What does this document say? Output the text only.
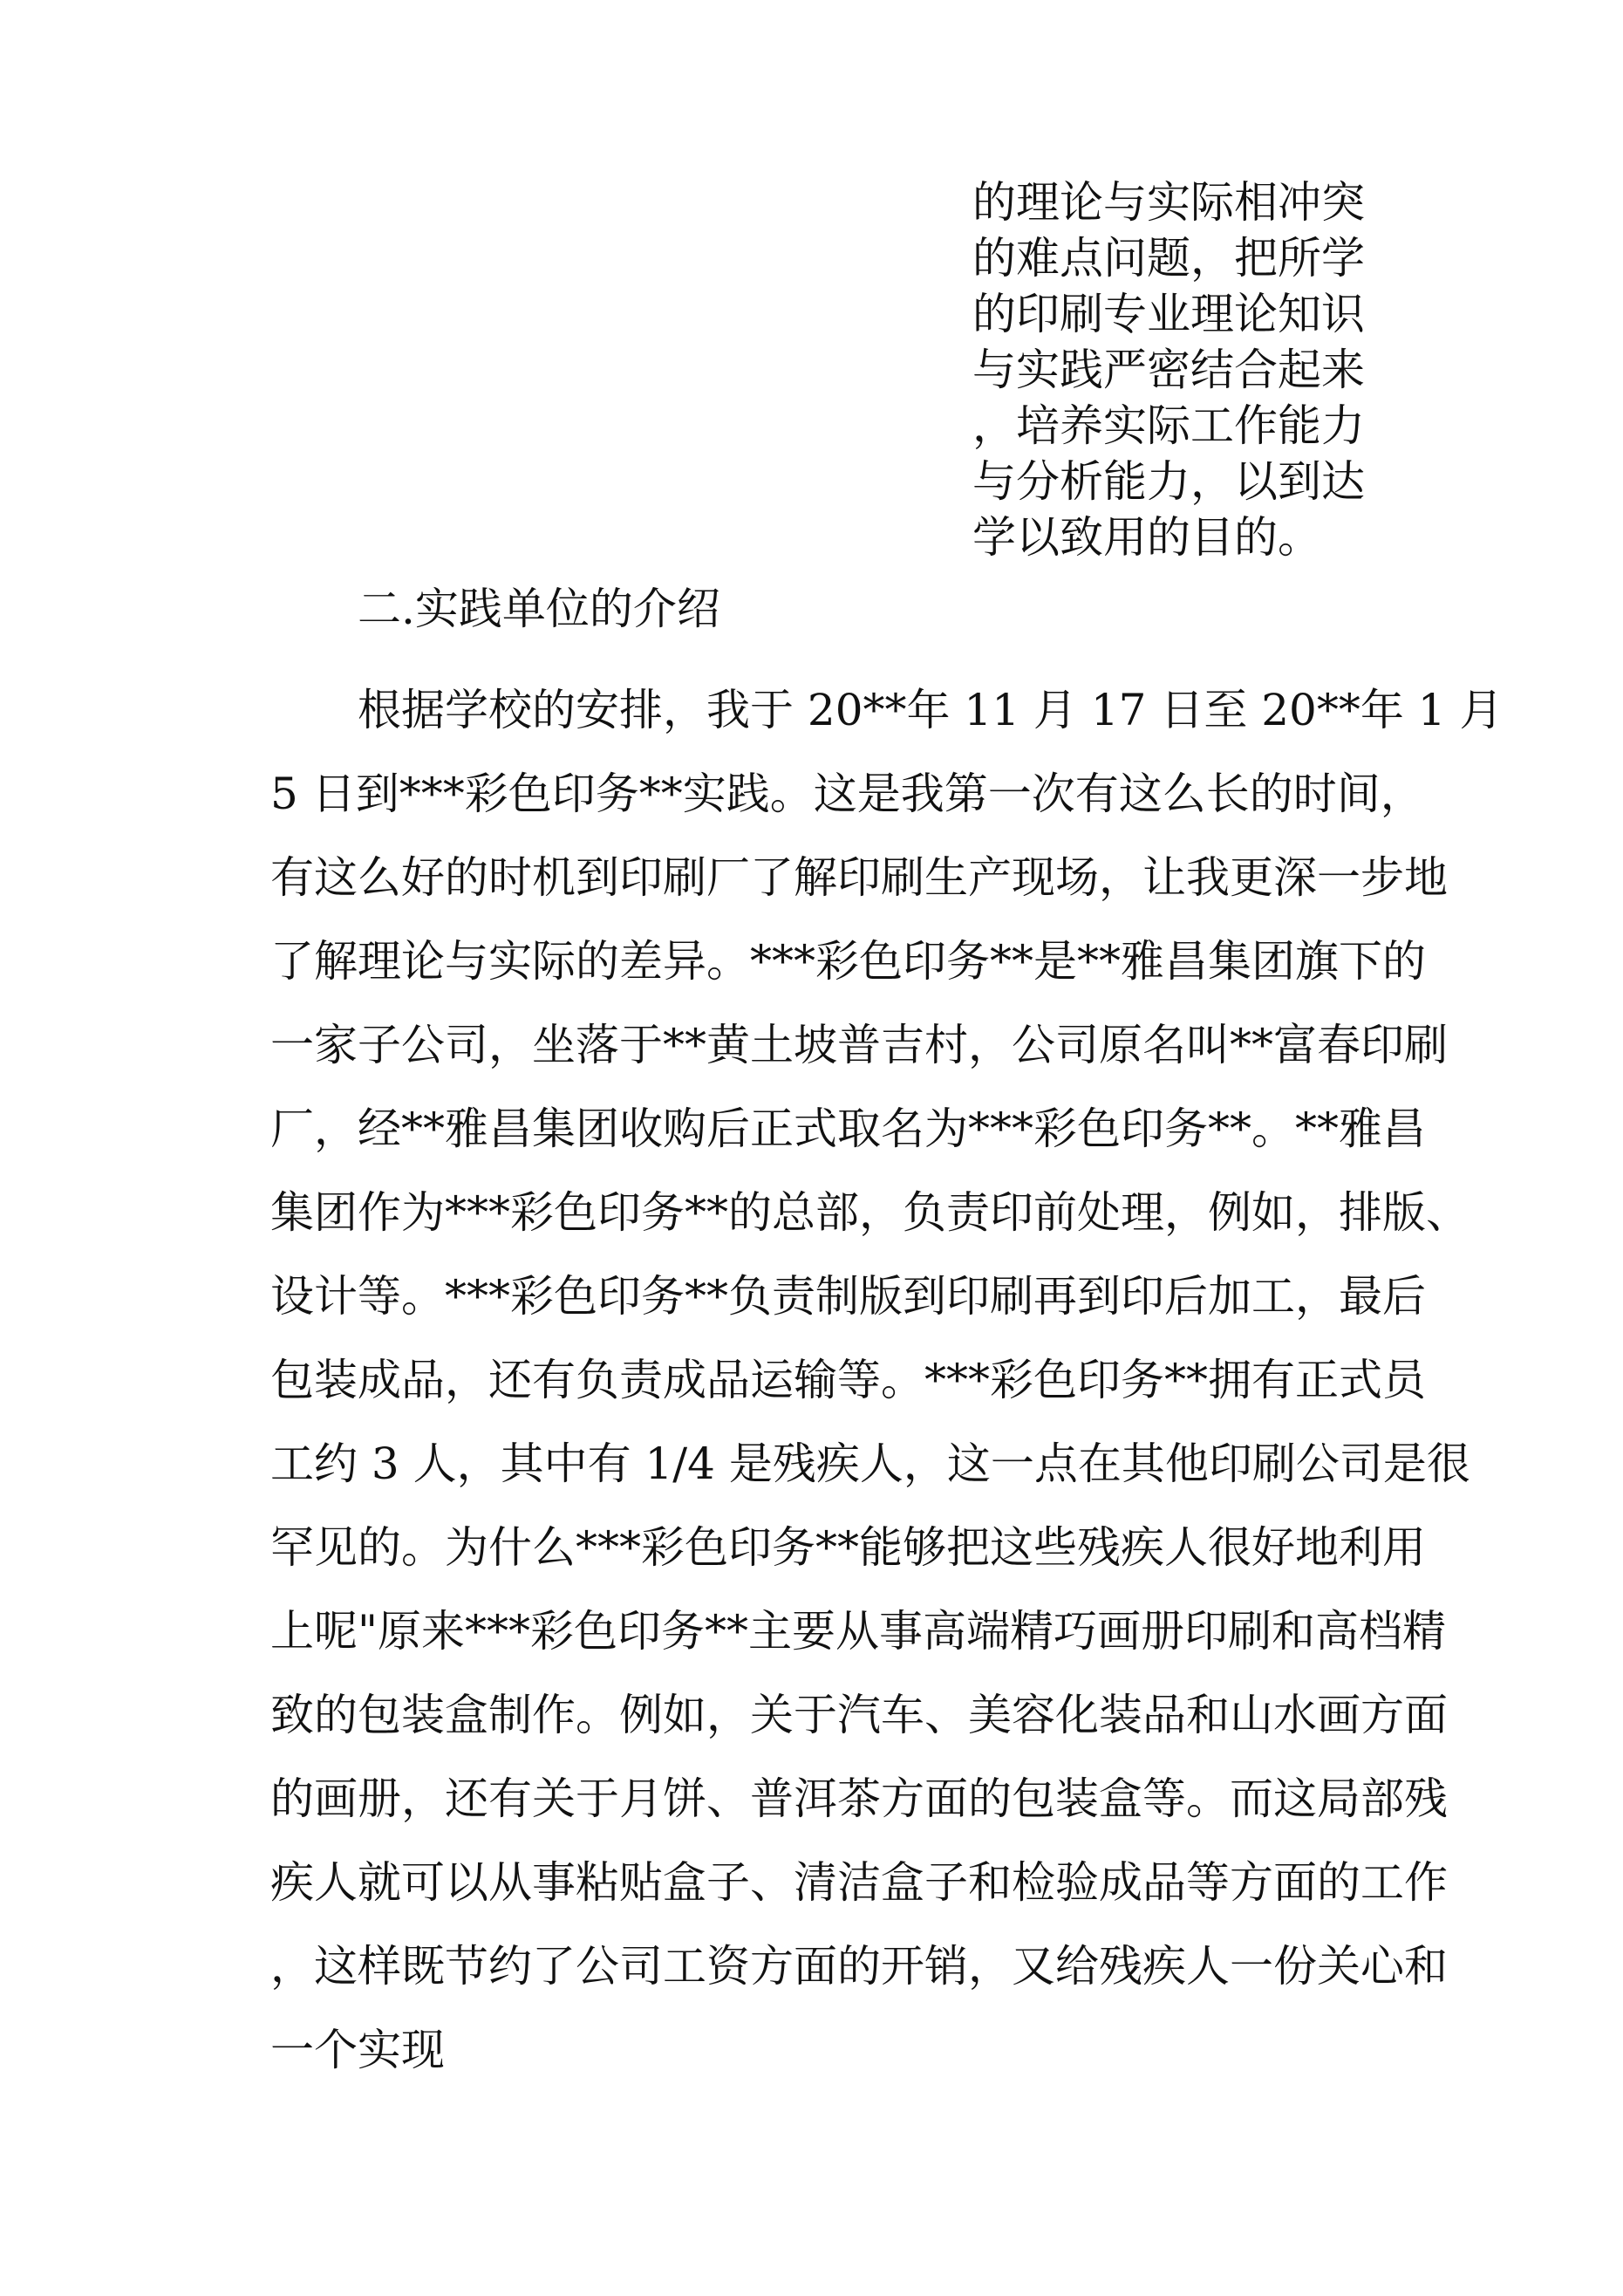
的理论与实际相冲突
的难点问题，把所学
的印刷专业理论知识
与实践严密结合起来
，培养实际工作能力
与分析能力，以到达
学以致用的目的。
二.实践单位的介绍
根据学校的安排，我于 20**年 11 月 17 日至 20**年 1 月
5 日到***彩色印务**实践。这是我第一次有这么长的时间，
有这么好的时机到印刷厂了解印刷生产现场，让我更深一步地
了解理论与实际的差异。***彩色印务**是**雅昌集团旗下的
一家子公司，坐落于**黄土坡普吉村，公司原名叫**富春印刷
厂，经**雅昌集团收购后正式取名为***彩色印务**。**雅昌
集团作为***彩色印务**的总部，负责印前处理，例如，排版、
设计等。***彩色印务**负责制版到印刷再到印后加工，最后
包装成品，还有负责成品运输等。***彩色印务**拥有正式员
工约 3 人，其中有 1/4 是残疾人，这一点在其他印刷公司是很
罕见的。为什么***彩色印务**能够把这些残疾人很好地利用
上呢"原来***彩色印务**主要从事高端精巧画册印刷和高档精
致的包装盒制作。例如，关于汽车、美容化装品和山水画方面
的画册，还有关于月饼、普洱茶方面的包装盒等。而这局部残
疾人就可以从事粘贴盒子、清洁盒子和检验成品等方面的工作
，这样既节约了公司工资方面的开销，又给残疾人一份关心和
一个实现
